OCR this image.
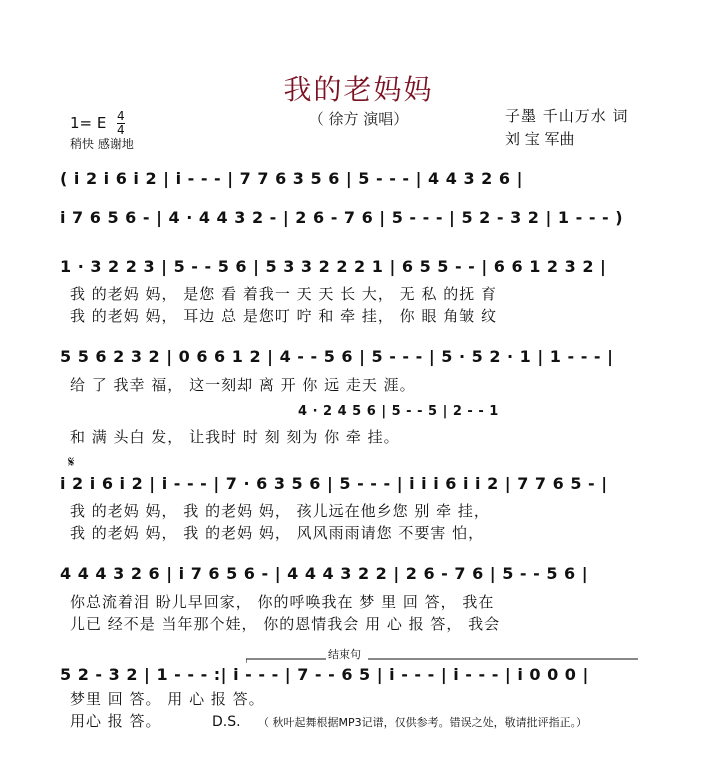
我的老妈妈
（ 徐方 演唱）
1= E 4
4
稍快 感谢地
子墨 千山万水 词
刘 宝 军曲
( i 2 i 6 i 2 | i - - - | 7 7 6 3 5 6 | 5 - - - | 4 4 3 2 6 |
i 7 6 5 6 - | 4 · 4 4 3 2 - | 2 6 - 7 6 | 5 - - - | 5 2 - 3 2 | 1 - - - )
1 · 3 2 2 3 | 5 - - 5 6 | 5 3 3 2 2 2 1 | 6 5 5 - - | 6 6 1 2 3 2 |
5 5 6 2 3 2 | 0 6 6 1 2 | 4 - - 5 6 | 5 - - - | 5 · 5 2 · 1 | 1 - - - |
4 · 2 4 5 6 | 5 - - 5 | 2 - - 1
i 2 i 6 i 2 | i - - - | 7 · 6 3 5 6 | 5 - - - | i i i 6 i i 2 | 7 7 6 5 - |
4 4 4 3 2 6 | i 7 6 5 6 - | 4 4 4 3 2 2 | 2 6 - 7 6 | 5 - - 5 6 |
5 2 - 3 2 | 1 - - - :| i - - - | 7 - - 6 5 | i - - - | i - - - | i 0 0 0 |
我 的老妈 妈， 是您 看 着我一 天 天 长 大， 无 私 的抚 育
我 的老妈 妈， 耳边 总 是您叮 咛 和 牵 挂， 你 眼 角皱 纹
给 了 我幸 福， 这一刻却 离 开 你 远 走天 涯。
和 满 头白 发， 让我时 时 刻 刻为 你 牵 挂。
我 的老妈 妈， 我 的老妈 妈， 孩儿远在他乡您 别 牵 挂，
我 的老妈 妈， 我 的老妈 妈， 风风雨雨请您 不要害 怕，
你总流着泪 盼儿早回家， 你的呼唤我在 梦 里 回 答， 我在
儿已 经不是 当年那个娃， 你的恩情我会 用 心 报 答， 我会
梦里 回 答。 用 心 报 答。
用心 报 答。
𝄋
结束句
D.S. （ 秋叶起舞根据MP3记谱，仅供参考。错误之处，敬请批评指正。）
